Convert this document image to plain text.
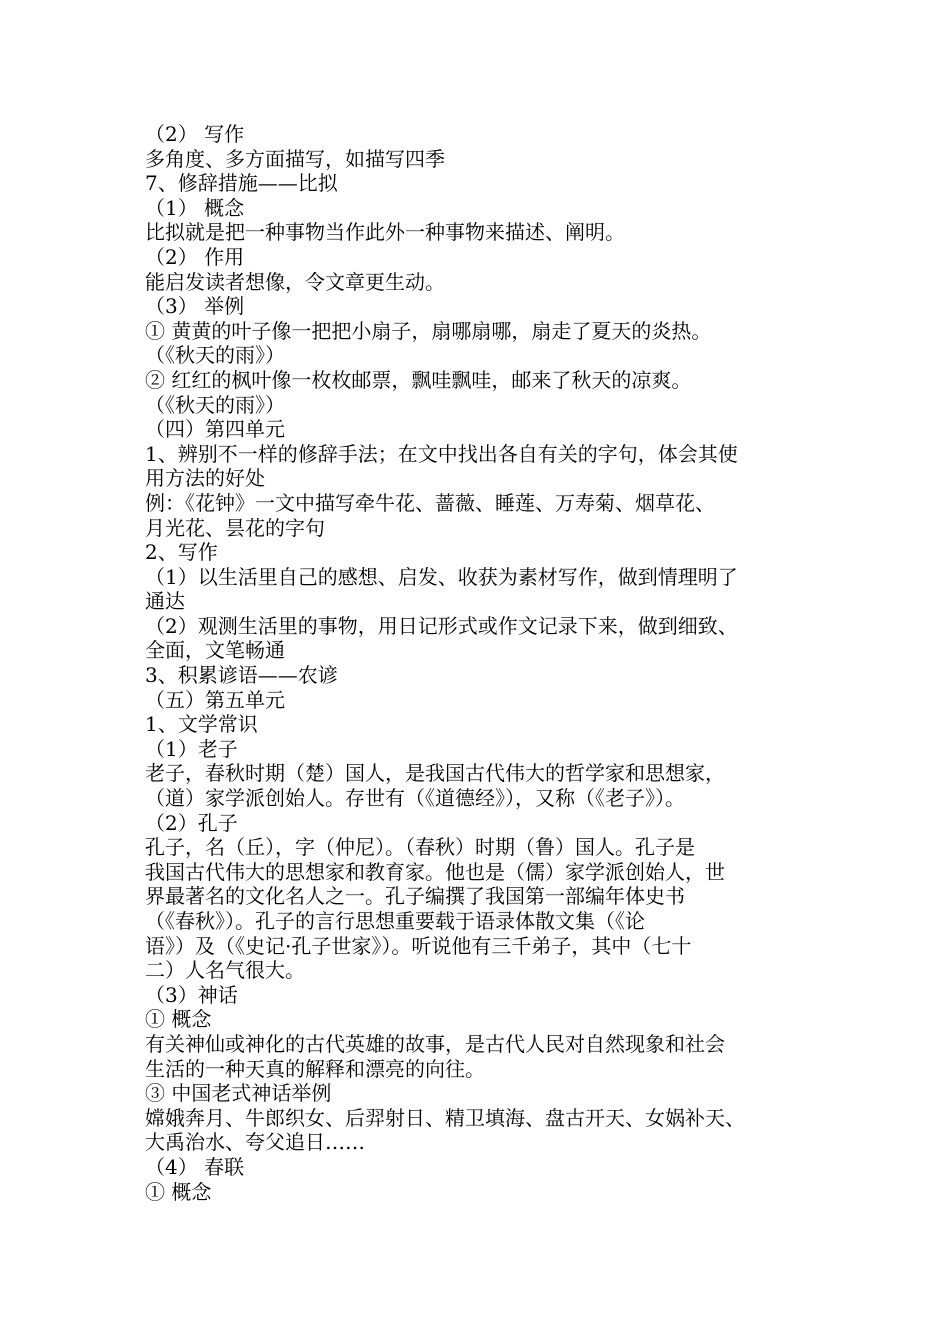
（2） 写作

多角度、多方面描写，如描写四季

7、修辞措施——比拟

（1） 概念

比拟就是把一种事物当作此外一种事物来描述、阐明。

（2） 作用

能启发读者想像，令文章更生动。

（3） 举例

① 黄黄的叶子像一把把小扇子，扇哪扇哪，扇走了夏天的炎热。

（《秋天的雨》）

② 红红的枫叶像一枚枚邮票，飘哇飘哇，邮来了秋天的凉爽。

（《秋天的雨》）

（四）第四单元

1、辨别不一样的修辞手法；在文中找出各自有关的字句，体会其使

用方法的好处

例：《花钟》一文中描写牵牛花、蔷薇、睡莲、万寿菊、烟草花、

月光花、昙花的字句

2、写作

（1）以生活里自己的感想、启发、收获为素材写作，做到情理明了

通达

（2）观测生活里的事物，用日记形式或作文记录下来，做到细致、

全面，文笔畅通

3、积累谚语——农谚

（五）第五单元

1、文学常识

（1）老子

老子，春秋时期（楚）国人，是我国古代伟大的哲学家和思想家，

（道）家学派创始人。存世有（《道德经》），又称（《老子》）。

（2）孔子

孔子，名（丘），字（仲尼）。（春秋）时期（鲁）国人。孔子是

我国古代伟大的思想家和教育家。他也是（儒）家学派创始人，世

界最著名的文化名人之一。孔子编撰了我国第一部编年体史书

（《春秋》）。孔子的言行思想重要载于语录体散文集（《论

语》）及（《史记·孔子世家》）。听说他有三千弟子，其中（七十

二）人名气很大。

（3）神话

① 概念

有关神仙或神化的古代英雄的故事，是古代人民对自然现象和社会

生活的一种天真的解释和漂亮的向往。

③ 中国老式神话举例

嫦娥奔月、牛郎织女、后羿射日、精卫填海、盘古开天、女娲补天、

大禹治水、夸父追日……

（4） 春联

① 概念
